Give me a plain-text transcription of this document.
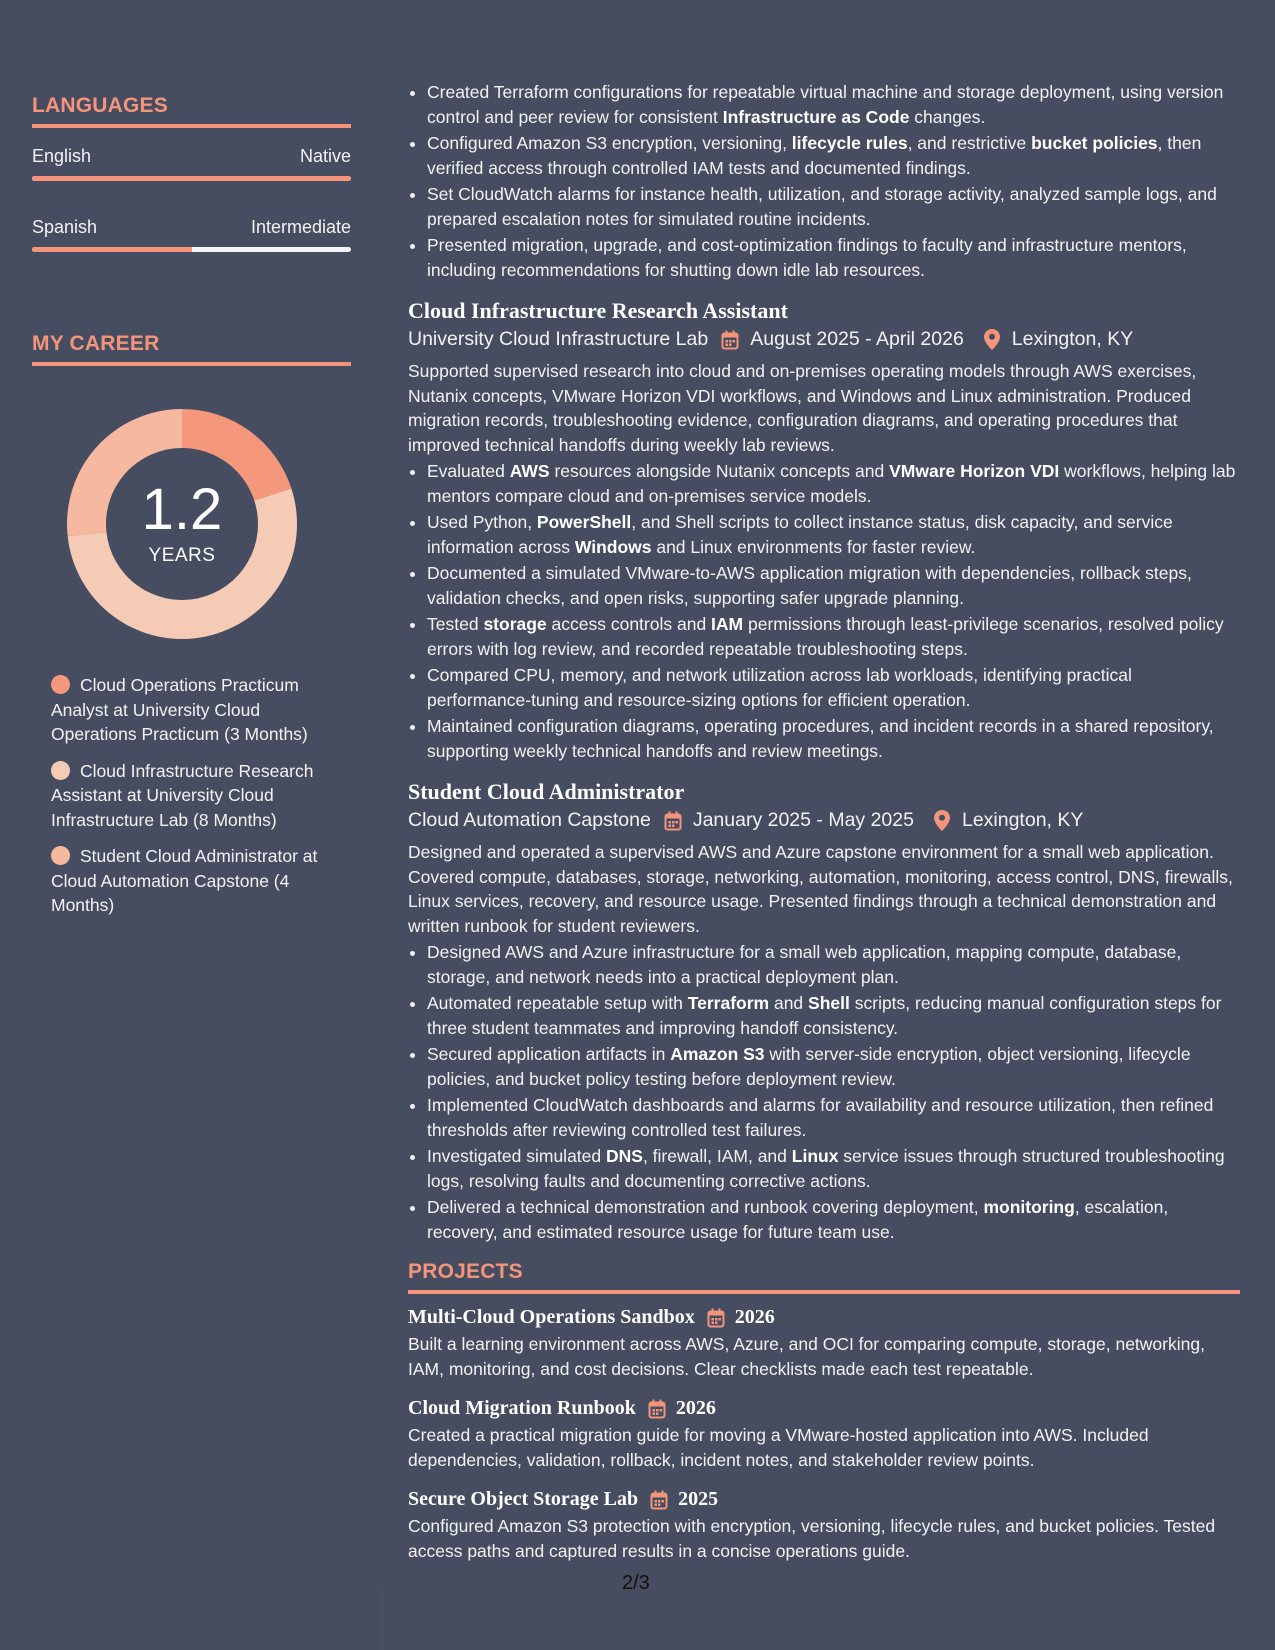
LANGUAGES
English	Native
Spanish	Intermediate
MY CAREER
1.2
YEARS
Cloud Operations Practicum Analyst at University Cloud Operations Practicum (3 Months)
Cloud Infrastructure Research Assistant at University Cloud Infrastructure Lab (8 Months)
Student Cloud Administrator at Cloud Automation Capstone (4 Months)
• Created Terraform configurations for repeatable virtual machine and storage deployment, using version control and peer review for consistent Infrastructure as Code changes.
• Configured Amazon S3 encryption, versioning, lifecycle rules, and restrictive bucket policies, then verified access through controlled IAM tests and documented findings.
• Set CloudWatch alarms for instance health, utilization, and storage activity, analyzed sample logs, and prepared escalation notes for simulated routine incidents.
• Presented migration, upgrade, and cost-optimization findings to faculty and infrastructure mentors, including recommendations for shutting down idle lab resources.
Cloud Infrastructure Research Assistant
University Cloud Infrastructure Lab August 2025 - April 2026 Lexington, KY

Supported supervised research into cloud and on-premises operating models through AWS exercises, Nutanix concepts, VMware Horizon VDI workflows, and Windows and Linux administration. Produced migration records, troubleshooting evidence, configuration diagrams, and operating procedures that improved technical handoffs during weekly lab reviews.

• Evaluated AWS resources alongside Nutanix concepts and VMware Horizon VDI workflows, helping lab mentors compare cloud and on-premises service models.
• Used Python, PowerShell, and Shell scripts to collect instance status, disk capacity, and service information across Windows and Linux environments for faster review.
• Documented a simulated VMware-to-AWS application migration with dependencies, rollback steps, validation checks, and open risks, supporting safer upgrade planning.
• Tested storage access controls and IAM permissions through least-privilege scenarios, resolved policy errors with log review, and recorded repeatable troubleshooting steps.
• Compared CPU, memory, and network utilization across lab workloads, identifying practical performance-tuning and resource-sizing options for efficient operation.
• Maintained configuration diagrams, operating procedures, and incident records in a shared repository, supporting weekly technical handoffs and review meetings.
Student Cloud Administrator
Cloud Automation Capstone January 2025 - May 2025 Lexington, KY

Designed and operated a supervised AWS and Azure capstone environment for a small web application. Covered compute, databases, storage, networking, automation, monitoring, access control, DNS, firewalls, Linux services, recovery, and resource usage. Presented findings through a technical demonstration and written runbook for student reviewers.

• Designed AWS and Azure infrastructure for a small web application, mapping compute, database, storage, and network needs into a practical deployment plan.
• Automated repeatable setup with Terraform and Shell scripts, reducing manual configuration steps for three student teammates and improving handoff consistency.
• Secured application artifacts in Amazon S3 with server-side encryption, object versioning, lifecycle policies, and bucket policy testing before deployment review.
• Implemented CloudWatch dashboards and alarms for availability and resource utilization, then refined thresholds after reviewing controlled test failures.
• Investigated simulated DNS, firewall, IAM, and Linux service issues through structured troubleshooting logs, resolving faults and documenting corrective actions.
• Delivered a technical demonstration and runbook covering deployment, monitoring, escalation, recovery, and estimated resource usage for future team use.
PROJECTS
Multi-Cloud Operations Sandbox 2026

Built a learning environment across AWS, Azure, and OCI for comparing compute, storage, networking, IAM, monitoring, and cost decisions. Clear checklists made each test repeatable.

Cloud Migration Runbook 2026

Created a practical migration guide for moving a VMware-hosted application into AWS. Included dependencies, validation, rollback, incident notes, and stakeholder review points.

Secure Object Storage Lab 2025

Configured Amazon S3 protection with encryption, versioning, lifecycle rules, and bucket policies. Tested access paths and captured results in a concise operations guide.

2/3
